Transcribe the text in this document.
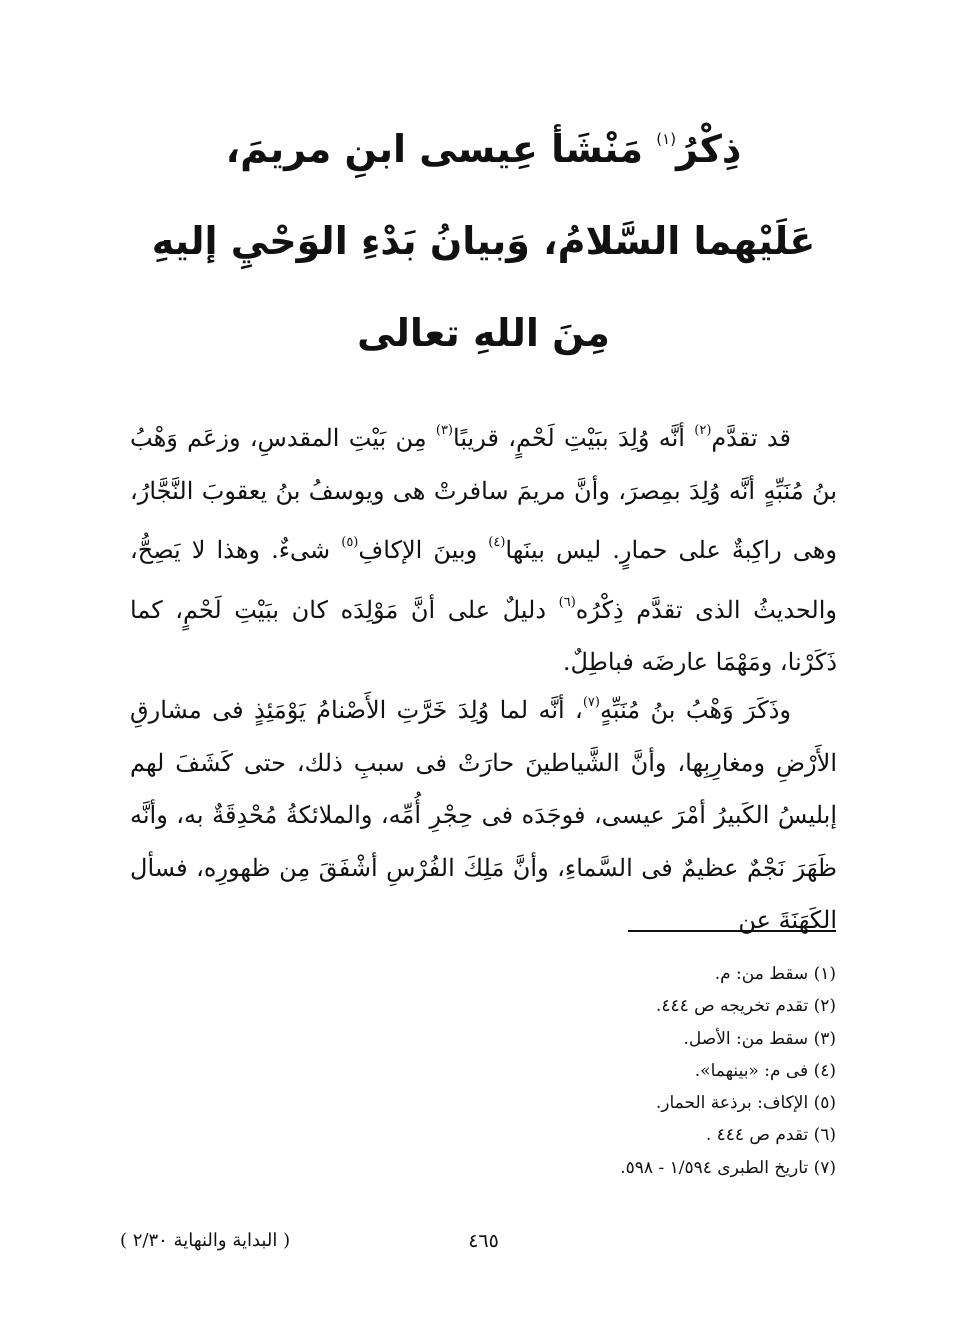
ذِكْرُ$^{(١)}$ مَنْشَأ عِيسى ابنِ مريمَ،
عَلَيْهما السَّلامُ، وَبيانُ بَدْءِ الوَحْيِ إليهِ
مِنَ اللهِ تعالى

قد تقدَّم$^{(٢)}$ أنَّه وُلِدَ ببَيْتِ لَحْمٍ، قريبًا$^{(٣)}$ مِن بَيْتِ المقدسِ، وزعَم وَهْبُ بنُ مُنَبِّهٍ أنَّه وُلِدَ بمِصرَ، وأنَّ مريمَ سافرتْ هى ويوسفُ بنُ يعقوبَ النَّجَّارُ، وهى راكِبةٌ على حمارٍ. ليس بينَها$^{(٤)}$ وبينَ الإكافِ$^{(٥)}$ شىءٌ. وهذا لا يَصِحُّ، والحديثُ الذى تقدَّم ذِكْرُه$^{(٦)}$ دليلٌ على أنَّ مَوْلِدَه كان ببَيْتِ لَحْمٍ، كما ذَكَرْنا، ومَهْمَا عارضَه فباطِلٌ.

وذَكَرَ وَهْبُ بنُ مُنَبِّهٍ$^{(٧)}$، أنَّه لما وُلِدَ خَرَّتِ الأَصْنامُ يَوْمَئِذٍ فى مشارقِ الأَرْضِ ومغارِبِها، وأنَّ الشَّياطينَ حارَتْ فى سببِ ذلك، حتى كَشَفَ لهم إبليسُ الكَبيرُ أمْرَ عيسى، فوجَدَه فى حِجْرِ أُمِّه، والملائكةُ مُحْدِقَةٌ به، وأنَّه ظَهَرَ نَجْمٌ عظيمٌ فى السَّماءِ، وأنَّ مَلِكَ الفُرْسِ أشْفَقَ مِن ظهورِه، فسأل الكَهَنَةَ عن

(١) سقط من: م.
(٢) تقدم تخريجه ص ٤٤٤.
(٣) سقط من: الأصل.
(٤) فى م: «بينهما».
(٥) الإكاف: برذعة الحمار.
(٦) تقدم ص ٤٤٤ .
(٧) تاريخ الطبرى ١/٥٩٤ - ٥٩٨.
٤٦٥
( البداية والنهاية ٢/٣٠ )
